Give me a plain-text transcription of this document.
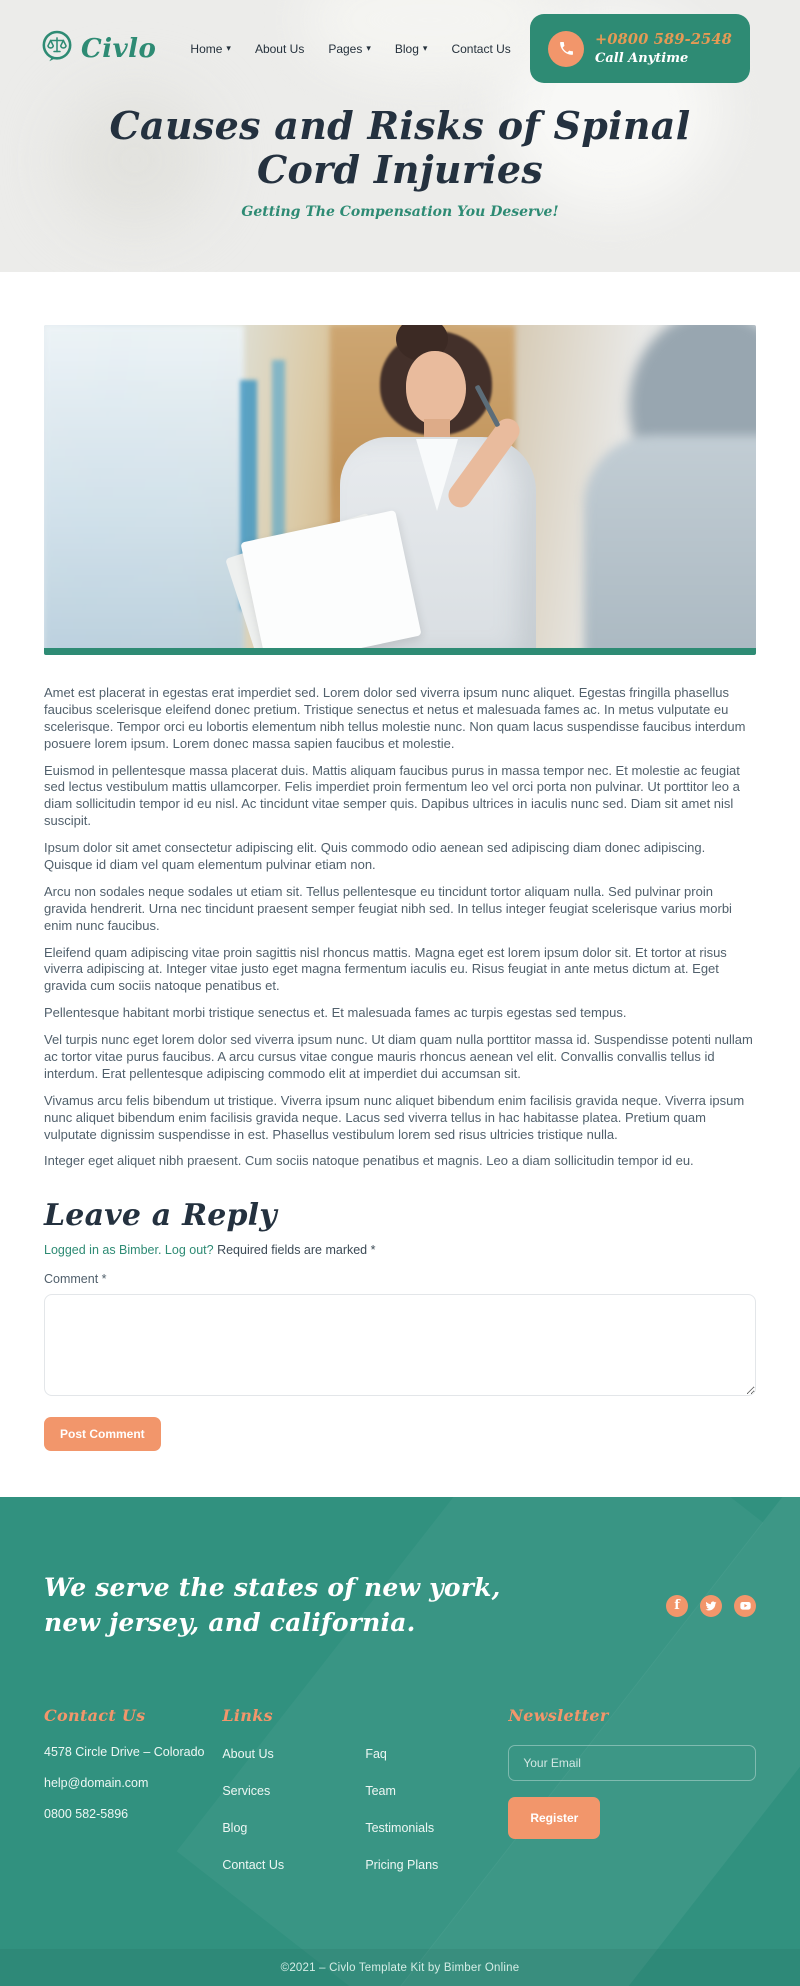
Civlo	Home ▾ About Us Pages ▾ Blog ▾ Contact Us
+0800 589-2548
Call Anytime
Causes and Risks of Spinal
Cord Injuries
Getting The Compensation You Deserve!

Amet est placerat in egestas erat imperdiet sed. Lorem dolor sed viverra ipsum nunc aliquet. Egestas fringilla phasellus faucibus scelerisque eleifend donec pretium. Tristique senectus et netus et malesuada fames ac. In metus vulputate eu scelerisque. Tempor orci eu lobortis elementum nibh tellus molestie nunc. Non quam lacus suspendisse faucibus interdum posuere lorem ipsum. Lorem donec massa sapien faucibus et molestie.

Euismod in pellentesque massa placerat duis. Mattis aliquam faucibus purus in massa tempor nec. Et molestie ac feugiat sed lectus vestibulum mattis ullamcorper. Felis imperdiet proin fermentum leo vel orci porta non pulvinar. Ut porttitor leo a diam sollicitudin tempor id eu nisl. Ac tincidunt vitae semper quis. Dapibus ultrices in iaculis nunc sed. Diam sit amet nisl suscipit.

Ipsum dolor sit amet consectetur adipiscing elit. Quis commodo odio aenean sed adipiscing diam donec adipiscing. Quisque id diam vel quam elementum pulvinar etiam non.

Arcu non sodales neque sodales ut etiam sit. Tellus pellentesque eu tincidunt tortor aliquam nulla. Sed pulvinar proin gravida hendrerit. Urna nec tincidunt praesent semper feugiat nibh sed. In tellus integer feugiat scelerisque varius morbi enim nunc faucibus.

Eleifend quam adipiscing vitae proin sagittis nisl rhoncus mattis. Magna eget est lorem ipsum dolor sit. Et tortor at risus viverra adipiscing at. Integer vitae justo eget magna fermentum iaculis eu. Risus feugiat in ante metus dictum at. Eget gravida cum sociis natoque penatibus et.

Pellentesque habitant morbi tristique senectus et. Et malesuada fames ac turpis egestas sed tempus.

Vel turpis nunc eget lorem dolor sed viverra ipsum nunc. Ut diam quam nulla porttitor massa id. Suspendisse potenti nullam ac tortor vitae purus faucibus. A arcu cursus vitae congue mauris rhoncus aenean vel elit. Convallis convallis tellus id interdum. Erat pellentesque adipiscing commodo elit at imperdiet dui accumsan sit.

Vivamus arcu felis bibendum ut tristique. Viverra ipsum nunc aliquet bibendum enim facilisis gravida neque. Viverra ipsum nunc aliquet bibendum enim facilisis gravida neque. Lacus sed viverra tellus in hac habitasse platea. Pretium quam vulputate dignissim suspendisse in est. Phasellus vestibulum lorem sed risus ultricies tristique nulla.

Integer eget aliquet nibh praesent. Cum sociis natoque penatibus et magnis. Leo a diam sollicitudin tempor id eu.

Leave a Reply

Logged in as Bimber. Log out? Required fields are marked *

Comment *
Post Comment
We serve the states of new york,
new jersey, and california.
f
Contact Us
4578 Circle Drive – Colorado
help@domain.com
0800 582-5896
Links
About Us
Services
Blog
Contact Us
Faq
Team
Testimonials
Pricing Plans
Newsletter
Your Email Register
©2021 – Civlo Template Kit by Bimber Online
